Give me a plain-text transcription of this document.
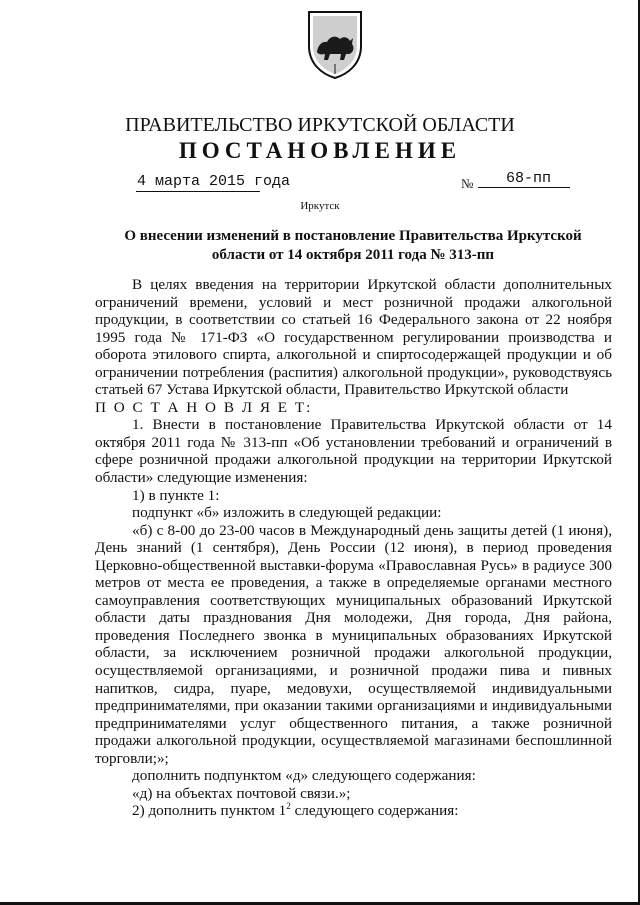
ПРАВИТЕЛЬСТВО ИРКУТСКОЙ ОБЛАСТИ
ПОСТАНОВЛЕНИЕ
4 марта 2015 года	№ 68-пп
Иркутск
О внесении изменений в постановление Правительства Иркутской
области от 14 октября 2011 года № 313-пп

В целях введения на территории Иркутской области дополнительных ограничений времени, условий и мест розничной продажи алкогольной продукции, в соответствии со статьей 16 Федерального закона от 22 ноября 1995 года № 171-ФЗ «О государственном регулировании производства и оборота этилового спирта, алкогольной и спиртосодержащей продукции и об ограничении потребления (распития) алкогольной продукции», руководствуясь статьей 67 Устава Иркутской области, Правительство Иркутской области

П О С Т А Н О В Л Я Е Т:

1. Внести в постановление Правительства Иркутской области от 14 октября 2011 года № 313-пп «Об установлении требований и ограничений в сфере розничной продажи алкогольной продукции на территории Иркутской области» следующие изменения:

1) в пункте 1:

подпункт «б» изложить в следующей редакции:

«б) с 8-00 до 23-00 часов в Международный день защиты детей (1 июня), День знаний (1 сентября), День России (12 июня), в период проведения Церковно-общественной выставки-форума «Православная Русь» в радиусе 300 метров от места ее проведения, а также в определяемые органами местного самоуправления соответствующих муниципальных образований Иркутской области даты празднования Дня молодежи, Дня города, Дня района, проведения Последнего звонка в муниципальных образованиях Иркутской области, за исключением розничной продажи алкогольной продукции, осуществляемой организациями, и розничной продажи пива и пивных напитков, сидра, пуаре, медовухи, осуществляемой индивидуальными предпринимателями, при оказании такими организациями и индивидуальными предпринимателями услуг общественного питания, а также розничной продажи алкогольной продукции, осуществляемой магазинами беспошлинной торговли;»;

дополнить подпунктом «д» следующего содержания:

«д) на объектах почтовой связи.»;

2) дополнить пунктом $1^2$ следующего содержания:
